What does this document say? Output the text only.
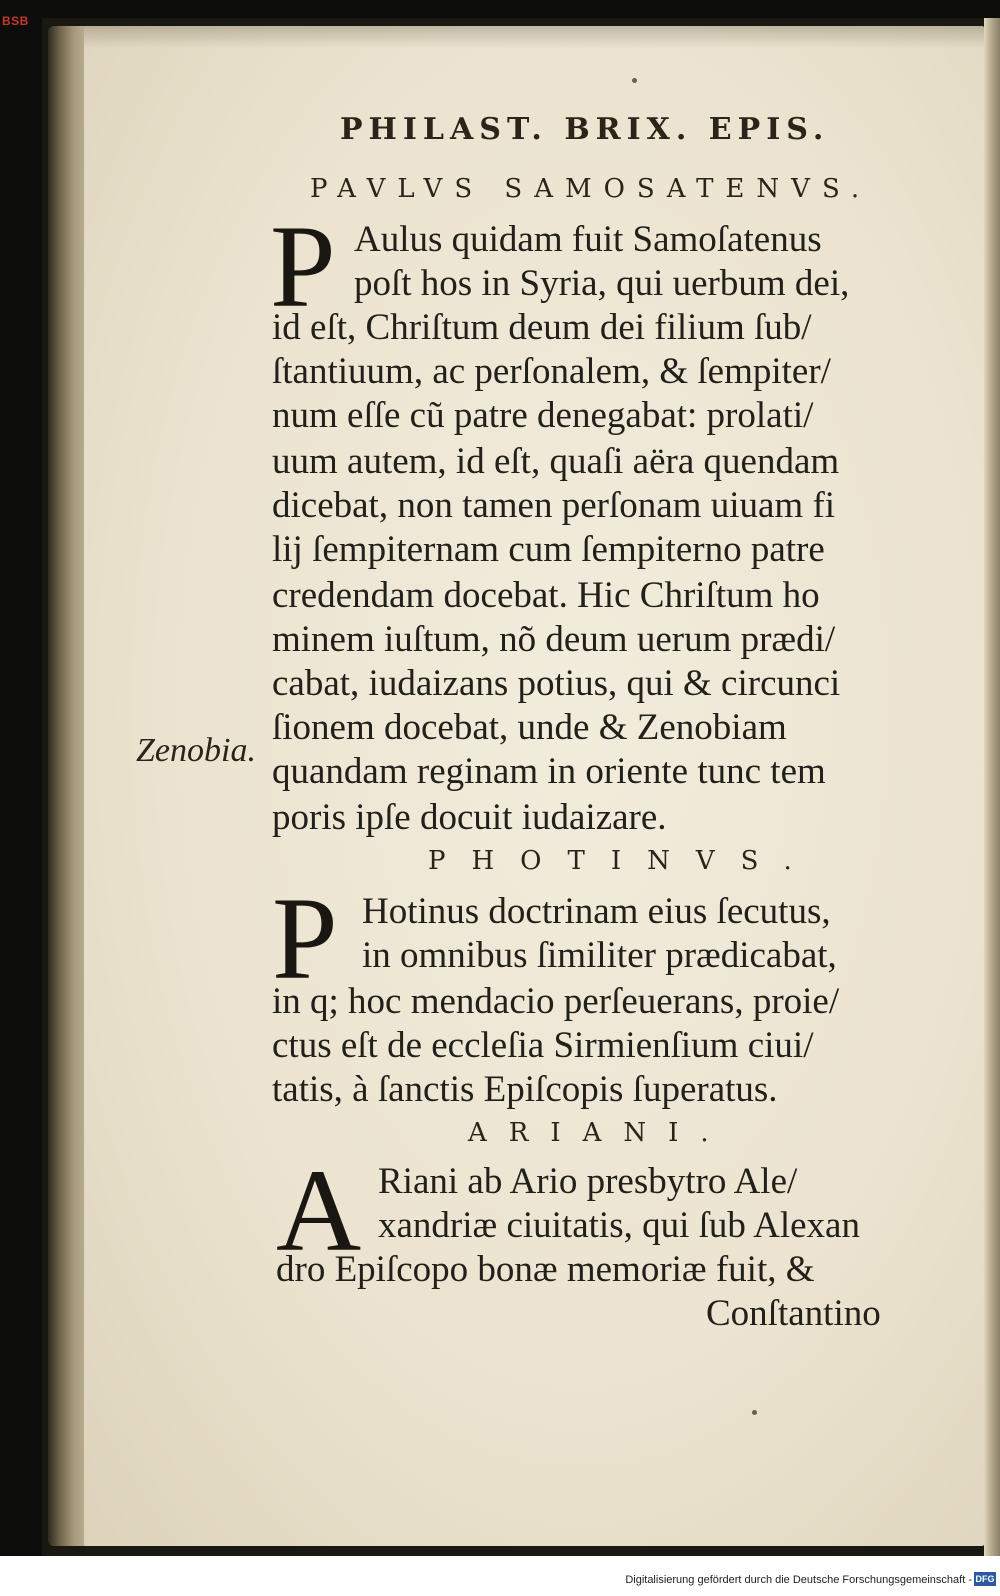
BSB
PHILAST. BRIX. EPIS.
PAVLVS SAMOSATENVS.
P Aulus quidam fuit Samoſatenus
poſt hos in Syria, qui uerbum dei,
id eſt, Chriſtum deum dei filium ſub/
ſtantiuum, ac perſonalem, & ſempiter/
num eſſe cũ patre denegabat: prolati/
uum autem, id eſt, quaſi aëra quendam
dicebat, non tamen perſonam uiuam fi
lij ſempiternam cum ſempiterno patre
credendam docebat. Hic Chriſtum ho
minem iuſtum, nõ deum uerum prædi/
cabat, iudaizans potius, qui & circunci
ſionem docebat, unde & Zenobiam
Zenobia.
quandam reginam in oriente tunc tem
poris ipſe docuit iudaizare.
PHOTINVS.
P Hotinus doctrinam eius ſecutus,
in omnibus ſimiliter prædicabat,
in q; hoc mendacio perſeuerans, proie/
ctus eſt de eccleſia Sirmienſium ciui/
tatis, à ſanctis Epiſcopis ſuperatus.
ARIANI.
A Riani ab Ario presbytro Ale/
xandriæ ciuitatis, qui ſub Alexan
dro Epiſcopo bonæ memoriæ fuit, &
Conſtantino
Digitalisierung gefördert durch die Deutsche Forschungsgemeinschaft - DFG
